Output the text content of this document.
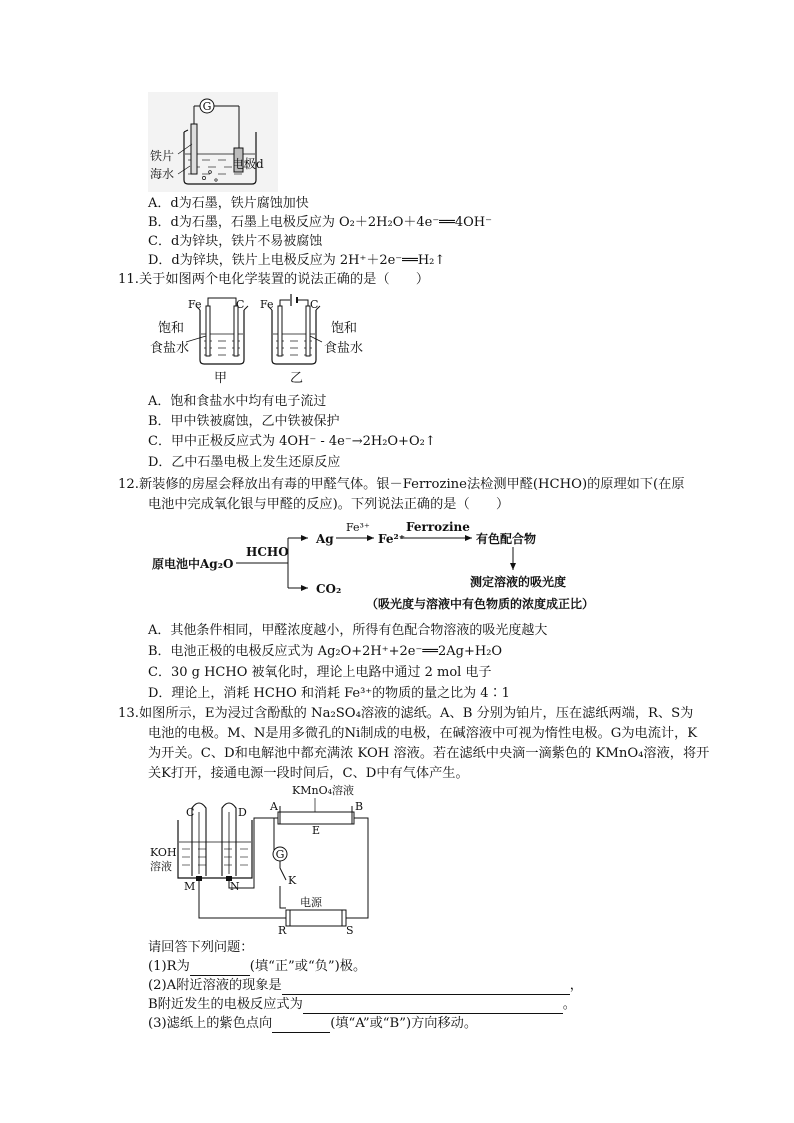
G
铁片
海水
电极d
A．d为石墨，铁片腐蚀加快
B．d为石墨，石墨上电极反应为 O₂＋2H₂O＋4e⁻══4OH⁻
C．d为锌块，铁片不易被腐蚀
D．d为锌块，铁片上电极反应为 2H⁺＋2e⁻══H₂↑
11.关于如图两个电化学装置的说法正确的是（　　）
Fe	C Fe	C
饱和
食盐水
饱和
食盐水
甲	乙
A．饱和食盐水中均有电子流过
B．甲中铁被腐蚀，乙中铁被保护
C．甲中正极反应式为 4OH⁻ - 4e⁻→2H₂O+O₂↑
D．乙中石墨电极上发生还原反应
12.新装修的房屋会释放出有毒的甲醛气体。银－Ferrozine法检测甲醛(HCHO)的原理如下(在原
电池中完成氧化银与甲醛的反应)。下列说法正确的是（　　）
原电池中Ag₂O
HCHO
Ag
Fe³⁺
Fe²⁺
Ferrozine
有色配合物
CO₂	测定溶液的吸光度
（吸光度与溶液中有色物质的浓度成正比）
A．其他条件相同，甲醛浓度越小，所得有色配合物溶液的吸光度越大
B．电池正极的电极反应式为 Ag₂O+2H⁺+2e⁻══2Ag+H₂O
C．30 g HCHO 被氧化时，理论上电路中通过 2 mol 电子
D．理论上，消耗 HCHO 和消耗 Fe³⁺的物质的量之比为 4∶1
13.如图所示，E为浸过含酚酞的 Na₂SO₄溶液的滤纸。A、B 分别为铂片，压在滤纸两端，R、S为
电池的电极。M、N是用多微孔的Ni制成的电极，在碱溶液中可视为惰性电极。G为电流计，K
为开关。C、D和电解池中都充满浓 KOH 溶液。若在滤纸中央滴一滴紫色的 KMnO₄溶液，将开
关K打开，接通电源一段时间后，C、D中有气体产生。
G
K
C	D A	B
E
KMnO₄溶液
KOH
溶液
M	N
电源
R	S
请回答下列问题：
(1)R为	(填“正”或“负”)极。
(2)A附近溶液的现象是	，
B附近发生的电极反应式为	。
(3)滤纸上的紫色点向	(填“A”或“B”)方向移动。
